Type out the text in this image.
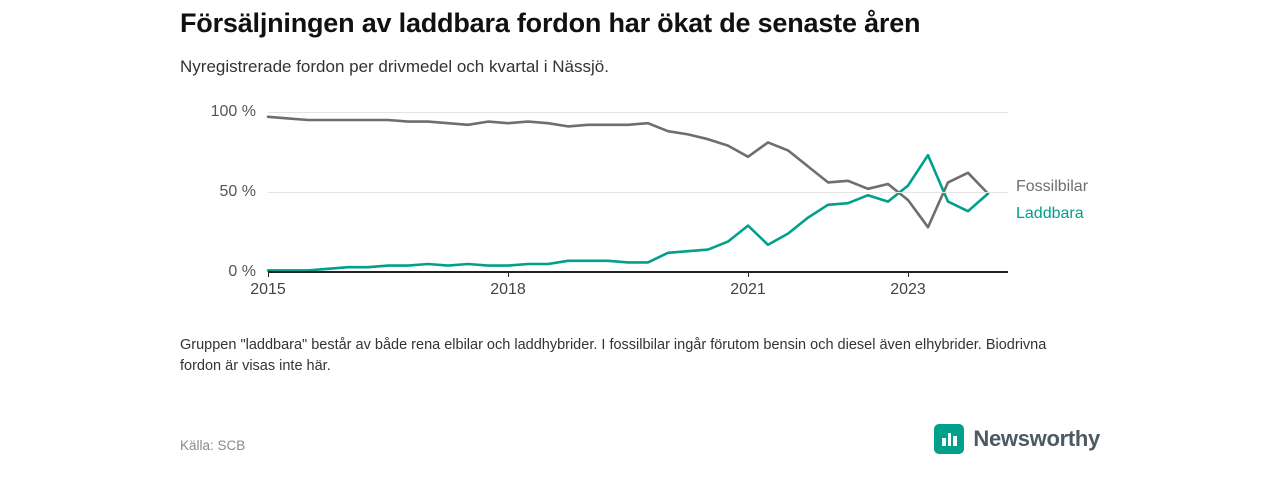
Försäljningen av laddbara fordon har ökat de senaste åren
Nyregistrerade fordon per drivmedel och kvartal i Nässjö.
0 %
50 %
100 %
2015	2018	2021	2023
Fossilbilar
Laddbara
Gruppen "laddbara" består av både rena elbilar och laddhybrider. I fossilbilar ingår förutom bensin och diesel även elhybrider. Biodrivna fordon är visas inte här.
Källa: SCB	Newsworthy
